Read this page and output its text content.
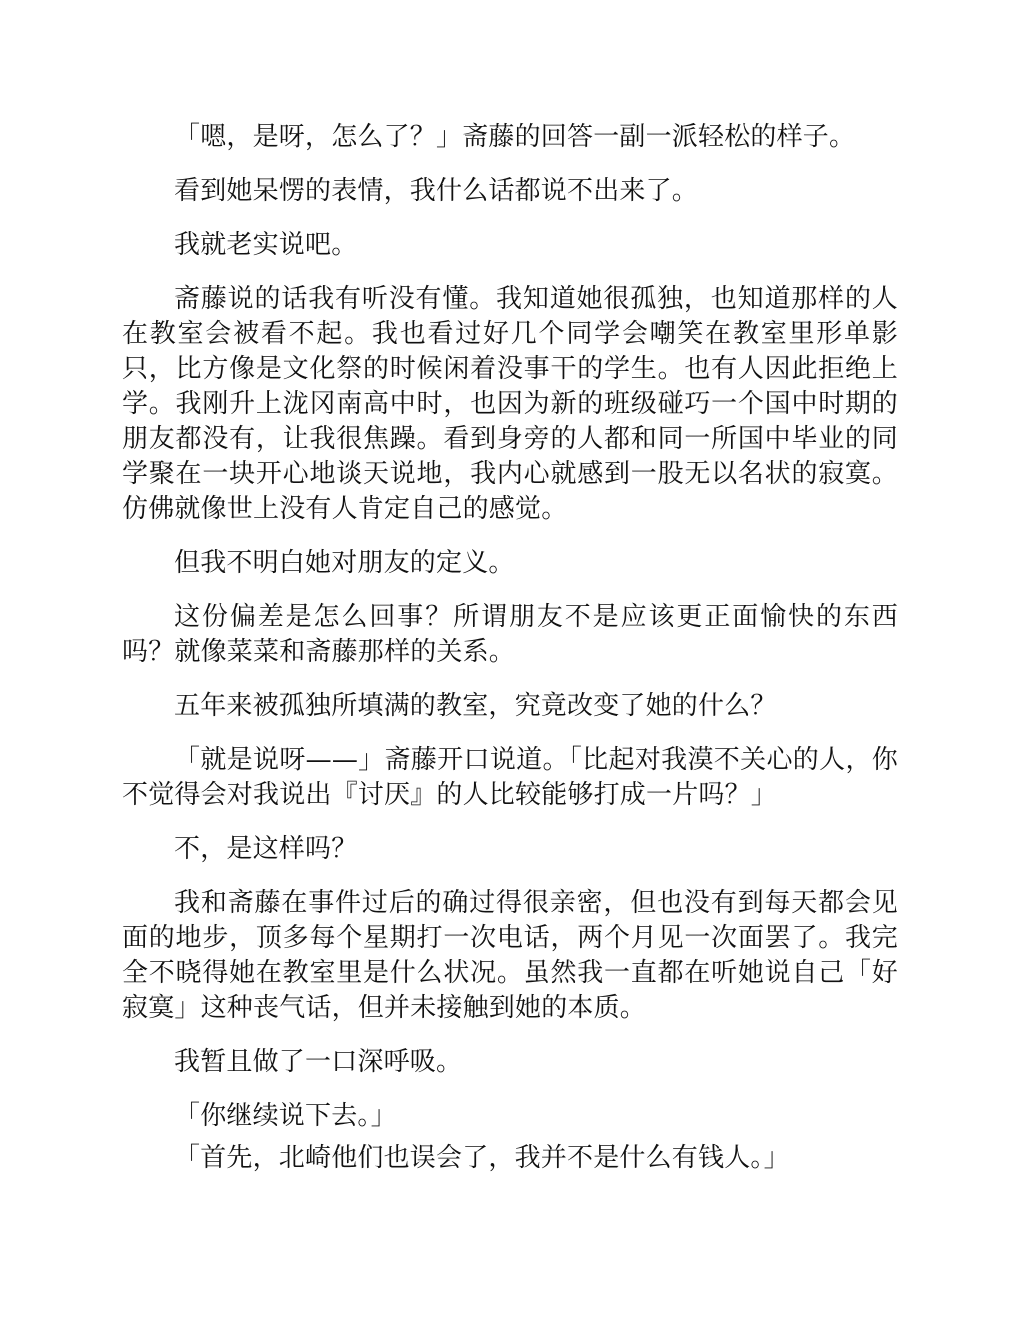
「嗯，是呀，怎么了？」斋藤的回答一副一派轻松的样子。

看到她呆愣的表情，我什么话都说不出来了。

我就老实说吧。

斋藤说的话我有听没有懂。我知道她很孤独，也知道那样的人在教室会被看不起。我也看过好几个同学会嘲笑在教室里形单影只，比方像是文化祭的时候闲着没事干的学生。也有人因此拒绝上学。我刚升上泷冈南高中时，也因为新的班级碰巧一个国中时期的朋友都没有，让我很焦躁。看到身旁的人都和同一所国中毕业的同学聚在一块开心地谈天说地，我内心就感到一股无以名状的寂寞。仿佛就像世上没有人肯定自己的感觉。

但我不明白她对朋友的定义。

这份偏差是怎么回事？所谓朋友不是应该更正面愉快的东西吗？就像菜菜和斋藤那样的关系。

五年来被孤独所填满的教室，究竟改变了她的什么？

「就是说呀——」斋藤开口说道。「比起对我漠不关心的人，你不觉得会对我说出『讨厌』的人比较能够打成一片吗？」

不，是这样吗？

我和斋藤在事件过后的确过得很亲密，但也没有到每天都会见面的地步，顶多每个星期打一次电话，两个月见一次面罢了。我完全不晓得她在教室里是什么状况。虽然我一直都在听她说自己「好寂寞」这种丧气话，但并未接触到她的本质。

我暂且做了一口深呼吸。

「你继续说下去。」

「首先，北崎他们也误会了，我并不是什么有钱人。」
